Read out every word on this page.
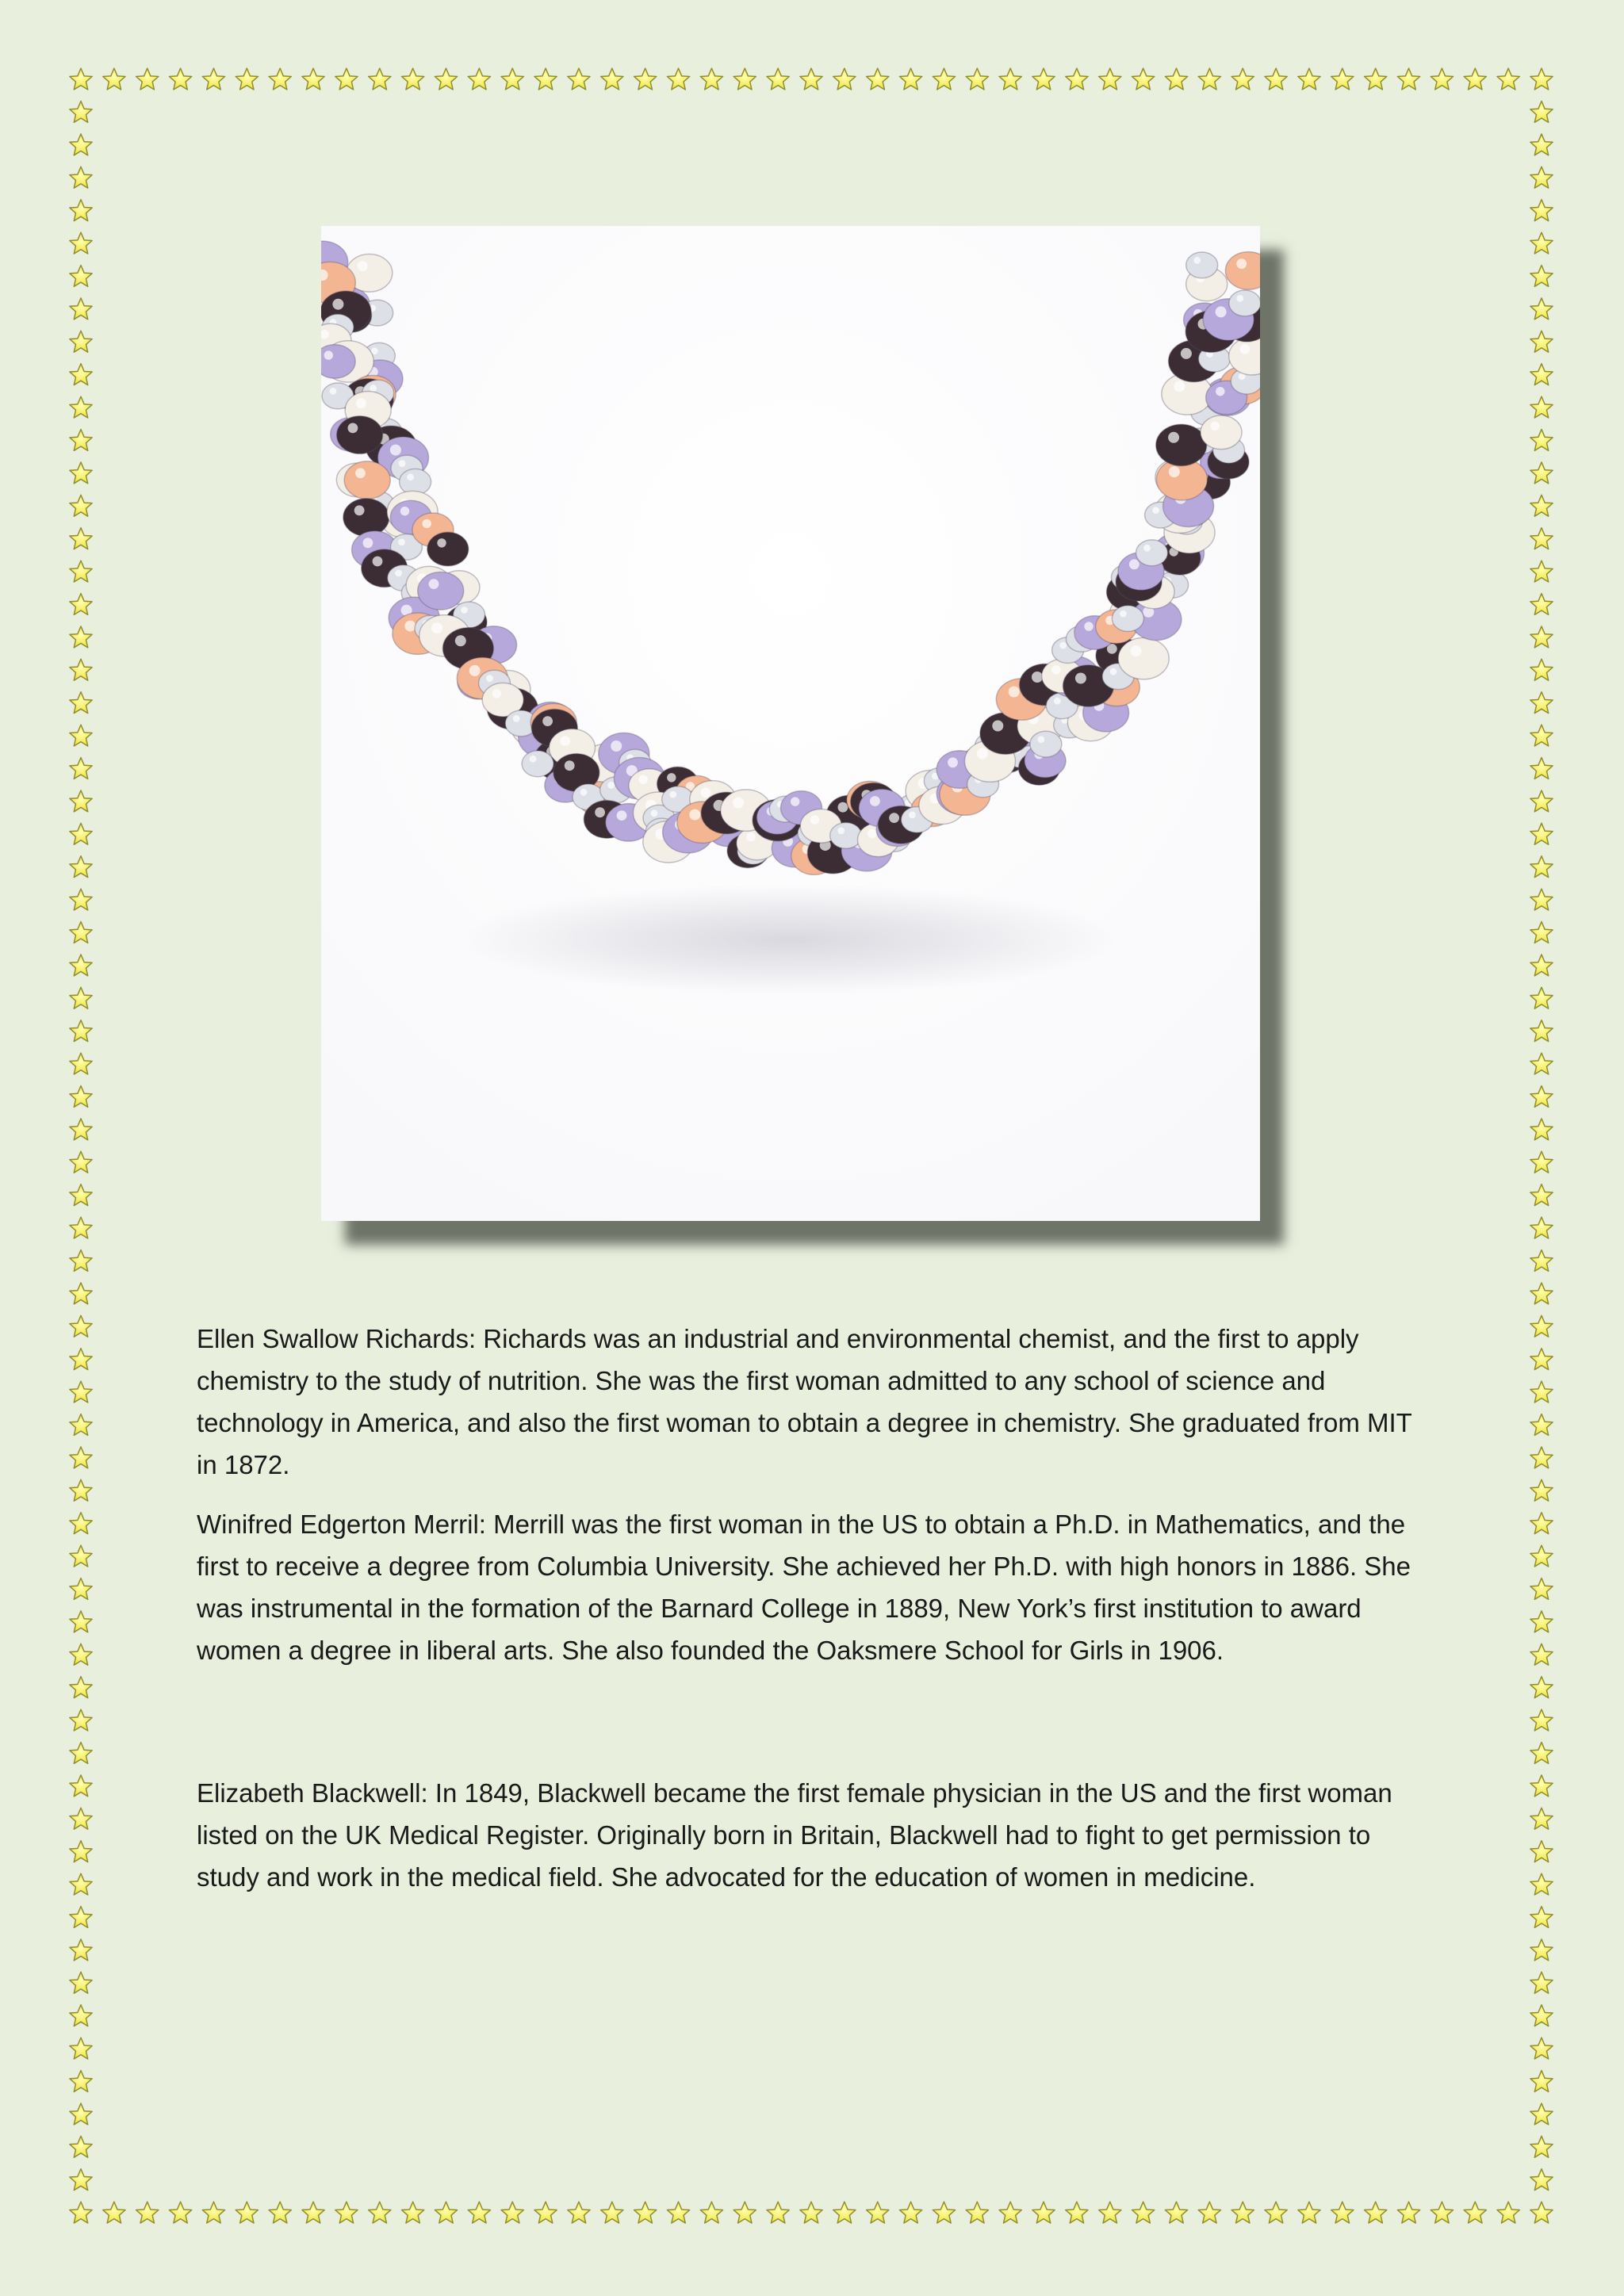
Ellen Swallow Richards: Richards was an industrial and environmental chemist, and the first to apply chemistry to the study of nutrition. She was the first woman admitted to any school of science and technology in America, and also the first woman to obtain a degree in chemistry. She graduated from MIT in 1872.

Winifred Edgerton Merril: Merrill was the first woman in the US to obtain a Ph.D. in Mathematics, and the first to receive a degree from Columbia University. She achieved her Ph.D. with high honors in 1886. She was instrumental in the formation of the Barnard College in 1889, New York’s first institution to award women a degree in liberal arts. She also founded the Oaksmere School for Girls in 1906.

Elizabeth Blackwell: In 1849, Blackwell became the first female physician in the US and the first woman listed on the UK Medical Register. Originally born in Britain, Blackwell had to fight to get permission to study and work in the medical field. She advocated for the education of women in medicine.
